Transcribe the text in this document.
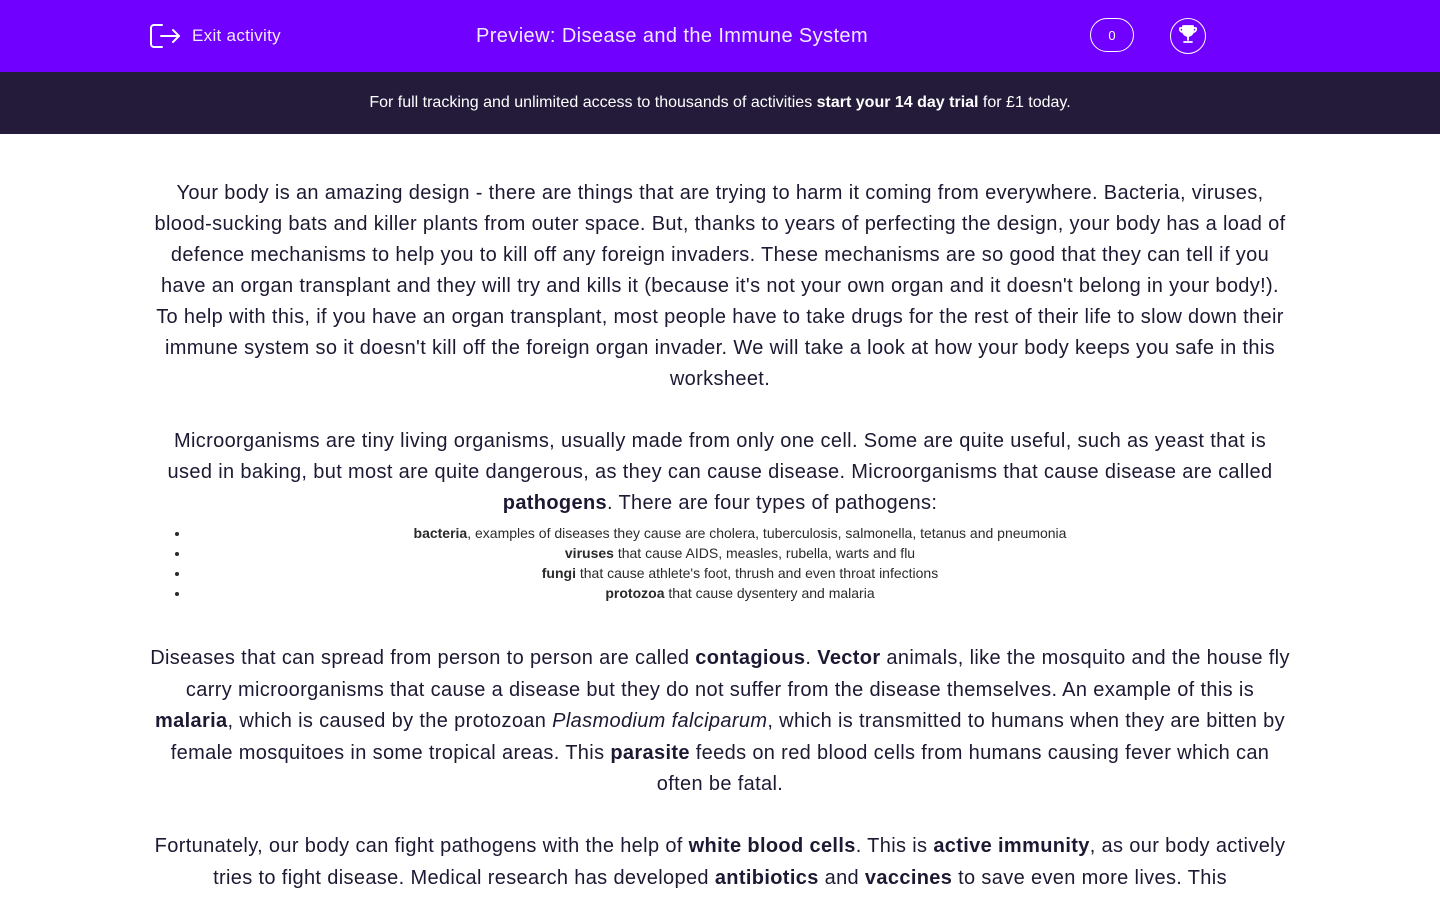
Exit activity	Preview: Disease and the Immune System	0
For full tracking and unlimited access to thousands of activities start your 14 day trial for £1 today.

Your body is an amazing design - there are things that are trying to harm it coming from everywhere. Bacteria, viruses, blood-sucking bats and killer plants from outer space. But, thanks to years of perfecting the design, your body has a load of defence mechanisms to help you to kill off any foreign invaders. These mechanisms are so good that they can tell if you have an organ transplant and they will try and kills it (because it's not your own organ and it doesn't belong in your body!). To help with this, if you have an organ transplant, most people have to take drugs for the rest of their life to slow down their immune system so it doesn't kill off the foreign organ invader. We will take a look at how your body keeps you safe in this worksheet.

Microorganisms are tiny living organisms, usually made from only one cell. Some are quite useful, such as yeast that is used in baking, but most are quite dangerous, as they can cause disease. Microorganisms that cause disease are called pathogens. There are four types of pathogens:

• bacteria, examples of diseases they cause are cholera, tuberculosis, salmonella, tetanus and pneumonia
• viruses that cause AIDS, measles, rubella, warts and flu
• fungi that cause athlete's foot, thrush and even throat infections
• protozoa that cause dysentery and malaria

Diseases that can spread from person to person are called contagious. Vector animals, like the mosquito and the house fly carry microorganisms that cause a disease but they do not suffer from the disease themselves. An example of this is malaria, which is caused by the protozoan Plasmodium falciparum, which is transmitted to humans when they are bitten by female mosquitoes in some tropical areas. This parasite feeds on red blood cells from humans causing fever which can often be fatal.

Fortunately, our body can fight pathogens with the help of white blood cells. This is active immunity, as our body actively tries to fight disease. Medical research has developed antibiotics and vaccines to save even more lives. This
